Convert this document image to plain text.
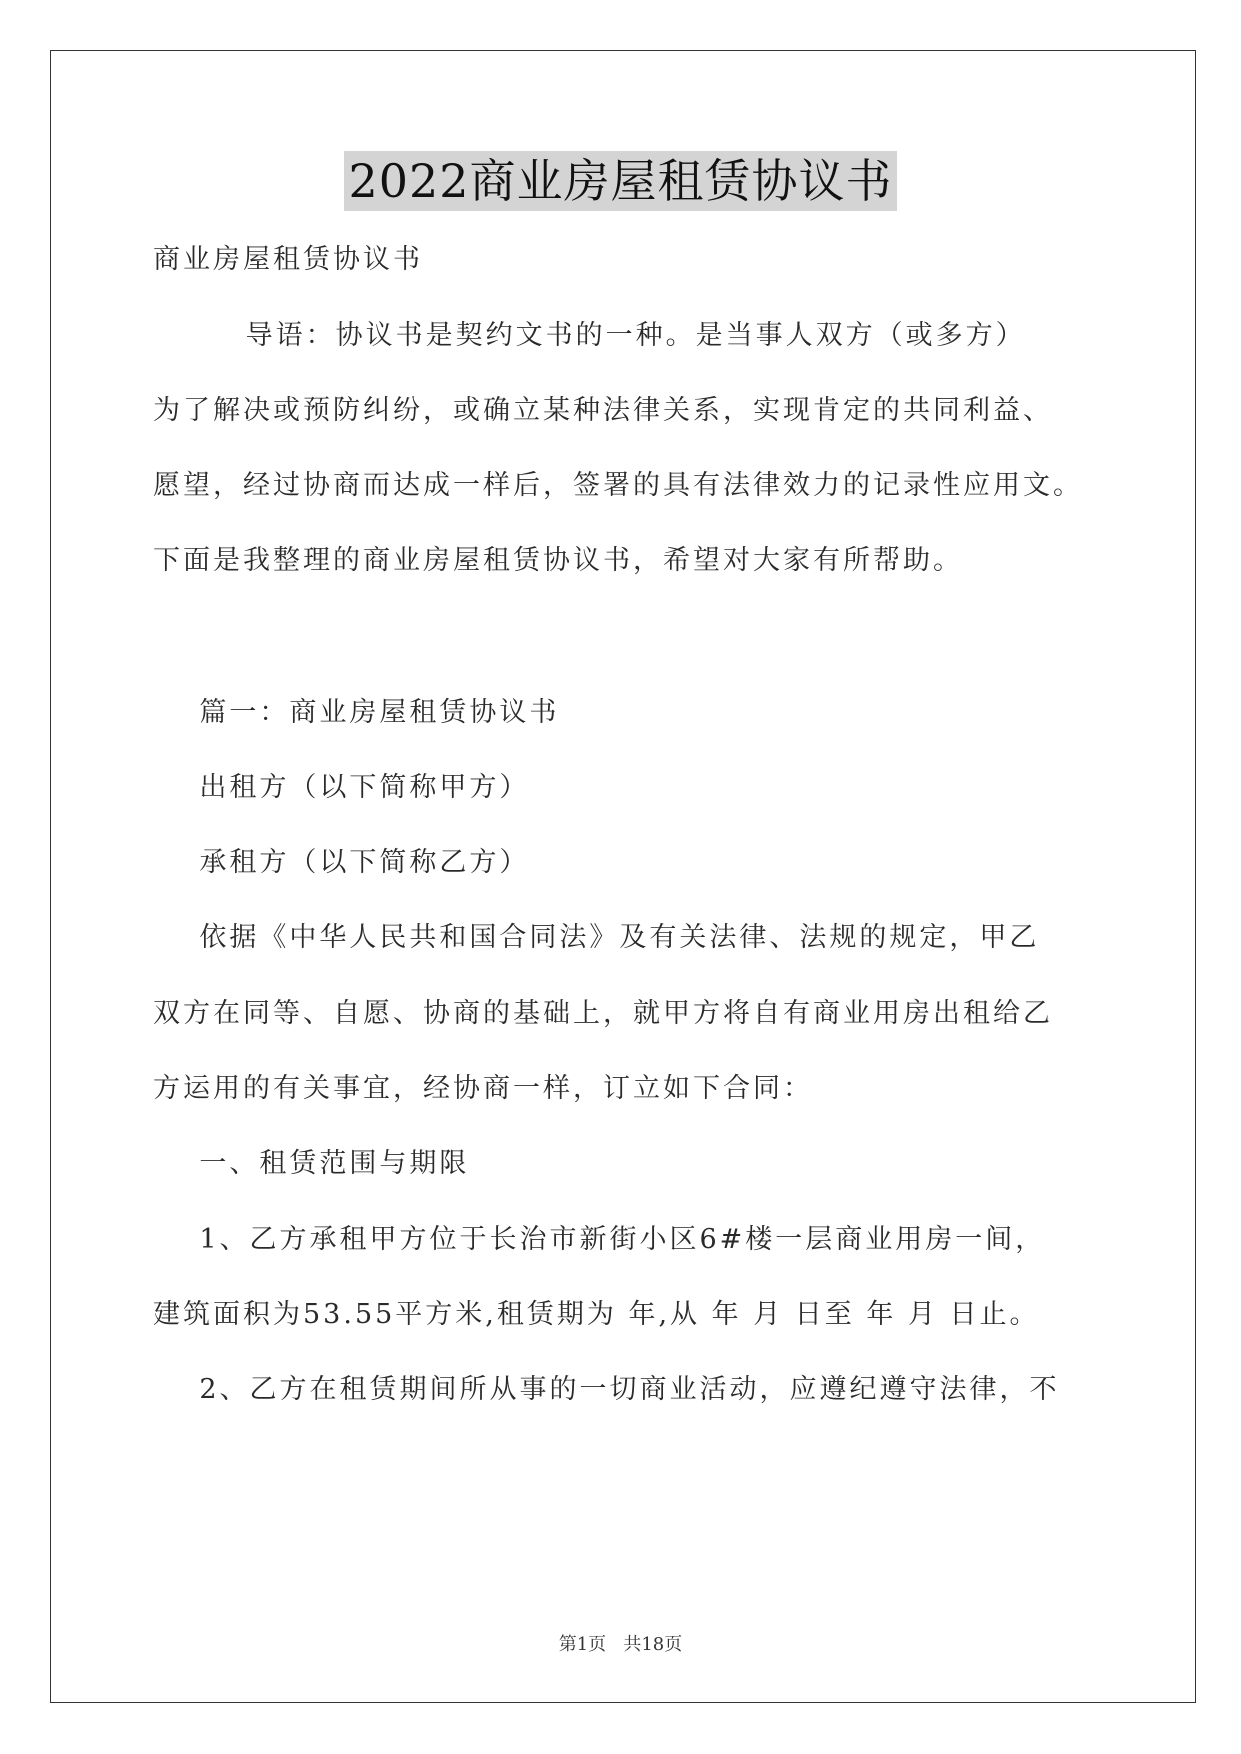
2022商业房屋租赁协议书
商业房屋租赁协议书
导语：协议书是契约文书的一种。是当事人双方（或多方）
为了解决或预防纠纷，或确立某种法律关系，实现肯定的共同利益、
愿望，经过协商而达成一样后，签署的具有法律效力的记录性应用文。
下面是我整理的商业房屋租赁协议书，希望对大家有所帮助。
篇一：商业房屋租赁协议书
出租方（以下简称甲方）
承租方（以下简称乙方）
依据《中华人民共和国合同法》及有关法律、法规的规定，甲乙
双方在同等、自愿、协商的基础上，就甲方将自有商业用房出租给乙
方运用的有关事宜，经协商一样，订立如下合同：
一、租赁范围与期限
1、乙方承租甲方位于长治市新街小区6#楼一层商业用房一间，
建筑面积为53.55平方米,租赁期为 年,从 年 月 日至 年 月 日止。
2、乙方在租赁期间所从事的一切商业活动，应遵纪遵守法律，不
第1页   共18页
